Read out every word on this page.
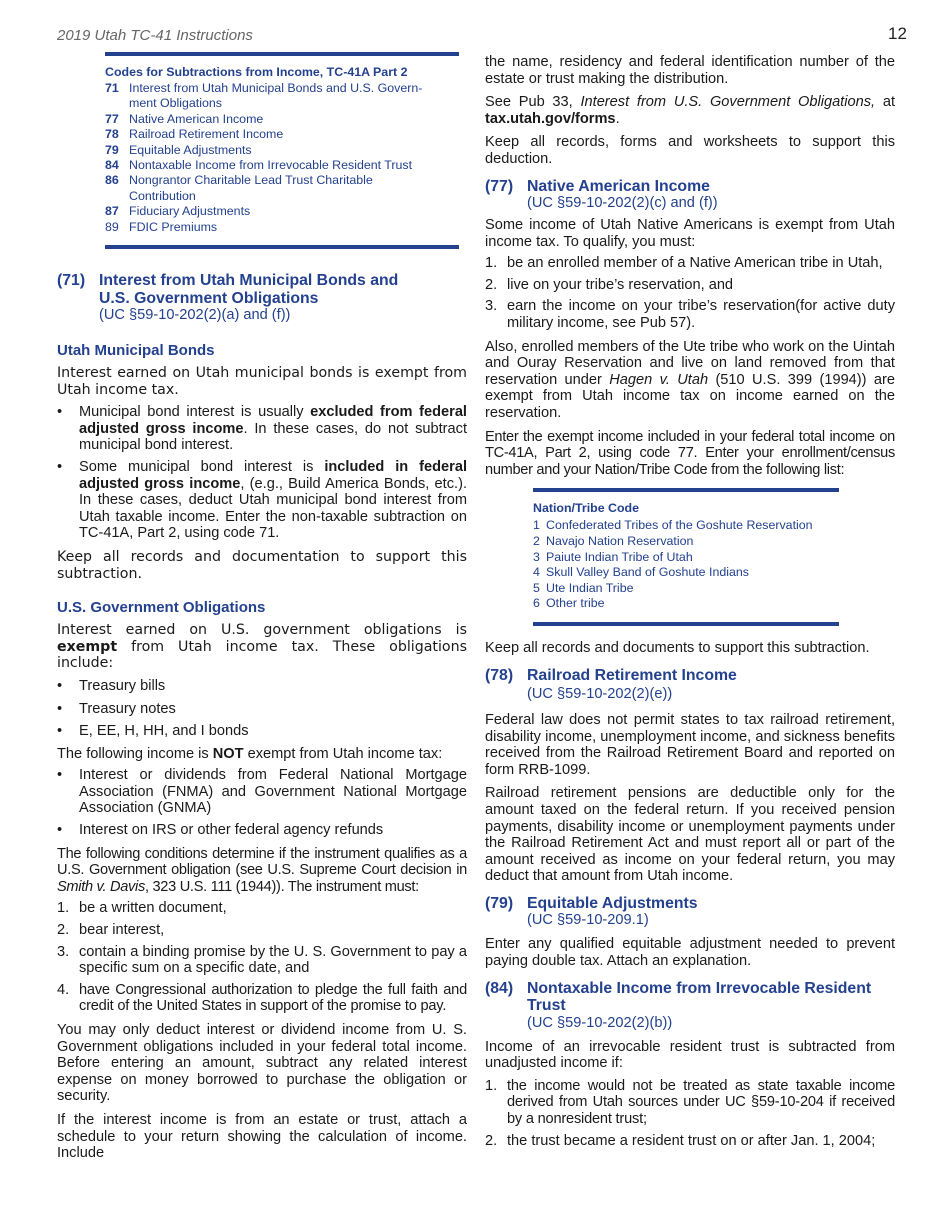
2019 Utah TC-41 Instructions	12
Codes for Subtractions from Income, TC-41A Part 2
71 Interest from Utah Municipal Bonds and U.S. Govern-
ment Obligations
77 Native American Income
78 Railroad Retirement Income
79 Equitable Adjustments
84 Nontaxable Income from Irrevocable Resident Trust
86 Nongrantor Charitable Lead Trust Charitable
Contribution
87 Fiduciary Adjustments
89 FDIC Premiums
(71) Interest from Utah Municipal Bonds and
U.S. Government Obligations
(UC §59-10-202(2)(a) and (f))
Utah Municipal Bonds

Interest earned on Utah municipal bonds is exempt from Utah income tax.

•	Municipal bond interest is usually excluded from federal adjusted gross income. In these cases, do not subtract municipal bond interest.
•	Some municipal bond interest is included in federal adjusted gross income, (e.g., Build America Bonds, etc.). In these cases, deduct Utah municipal bond interest from Utah taxable income. Enter the non-taxable subtraction on TC-41A, Part 2, using code 71.

Keep all records and documentation to support this subtraction.

U.S. Government Obligations

Interest earned on U.S. government obligations is exempt from Utah income tax. These obligations include:

•	Treasury bills
•	Treasury notes
•	E, EE, H, HH, and I bonds

The following income is NOT exempt from Utah income tax:

•	Interest or dividends from Federal National Mortgage Association (FNMA) and Government National Mortgage Association (GNMA)
•	Interest on IRS or other federal agency refunds

The following conditions determine if the instrument qualifies as a U.S. Government obligation (see U.S. Supreme Court decision in Smith v. Davis, 323 U.S. 111 (1944)). The instrument must:

1. be a written document,
2. bear interest,
3. contain a binding promise by the U. S. Government to pay a specific sum on a specific date, and
4. have Congressional authorization to pledge the full faith and credit of the United States in support of the promise to pay.

You may only deduct interest or dividend income from U. S. Government obligations included in your federal total income. Before entering an amount, subtract any related interest expense on money borrowed to purchase the obligation or security.

If the interest income is from an estate or trust, attach a schedule to your return showing the calculation of income. Include

the name, residency and federal identification number of the estate or trust making the distribution.

See Pub 33, Interest from U.S. Government Obligations, at tax.utah.gov/forms.

Keep all records, forms and worksheets to support this deduction.

(77) Native American Income
(UC §59-10-202(2)(c) and (f))

Some income of Utah Native Americans is exempt from Utah income tax. To qualify, you must:

1. be an enrolled member of a Native American tribe in Utah,
2. live on your tribe’s reservation, and
3. earn the income on your tribe’s reservation(for active duty military income, see Pub 57).

Also, enrolled members of the Ute tribe who work on the Uintah and Ouray Reservation and live on land removed from that reservation under Hagen v. Utah (510 U.S. 399 (1994)) are exempt from Utah income tax on income earned on the reservation.

Enter the exempt income included in your federal total income on TC-41A, Part 2, using code 77. Enter your enrollment/census number and your Nation/Tribe Code from the following list:

Nation/Tribe Code
1 Confederated Tribes of the Goshute Reservation
2 Navajo Nation Reservation
3 Paiute Indian Tribe of Utah
4 Skull Valley Band of Goshute Indians
5 Ute Indian Tribe
6 Other tribe

Keep all records and documents to support this subtraction.

(78) Railroad Retirement Income
(UC §59-10-202(2)(e))

Federal law does not permit states to tax railroad retirement, disability income, unemployment income, and sickness benefits received from the Railroad Retirement Board and reported on form RRB-1099.

Railroad retirement pensions are deductible only for the amount taxed on the federal return. If you received pension payments, disability income or unemployment payments under the Railroad Retirement Act and must report all or part of the amount received as income on your federal return, you may deduct that amount from Utah income.

(79) Equitable Adjustments
(UC §59-10-209.1)

Enter any qualified equitable adjustment needed to prevent paying double tax. Attach an explanation.

(84) Nontaxable Income from Irrevocable Resident
Trust
(UC §59-10-202(2)(b))

Income of an irrevocable resident trust is subtracted from unadjusted income if:

1. the income would not be treated as state taxable income derived from Utah sources under UC §59-10-204 if received by a nonresident trust;
2. the trust became a resident trust on or after Jan. 1, 2004;
